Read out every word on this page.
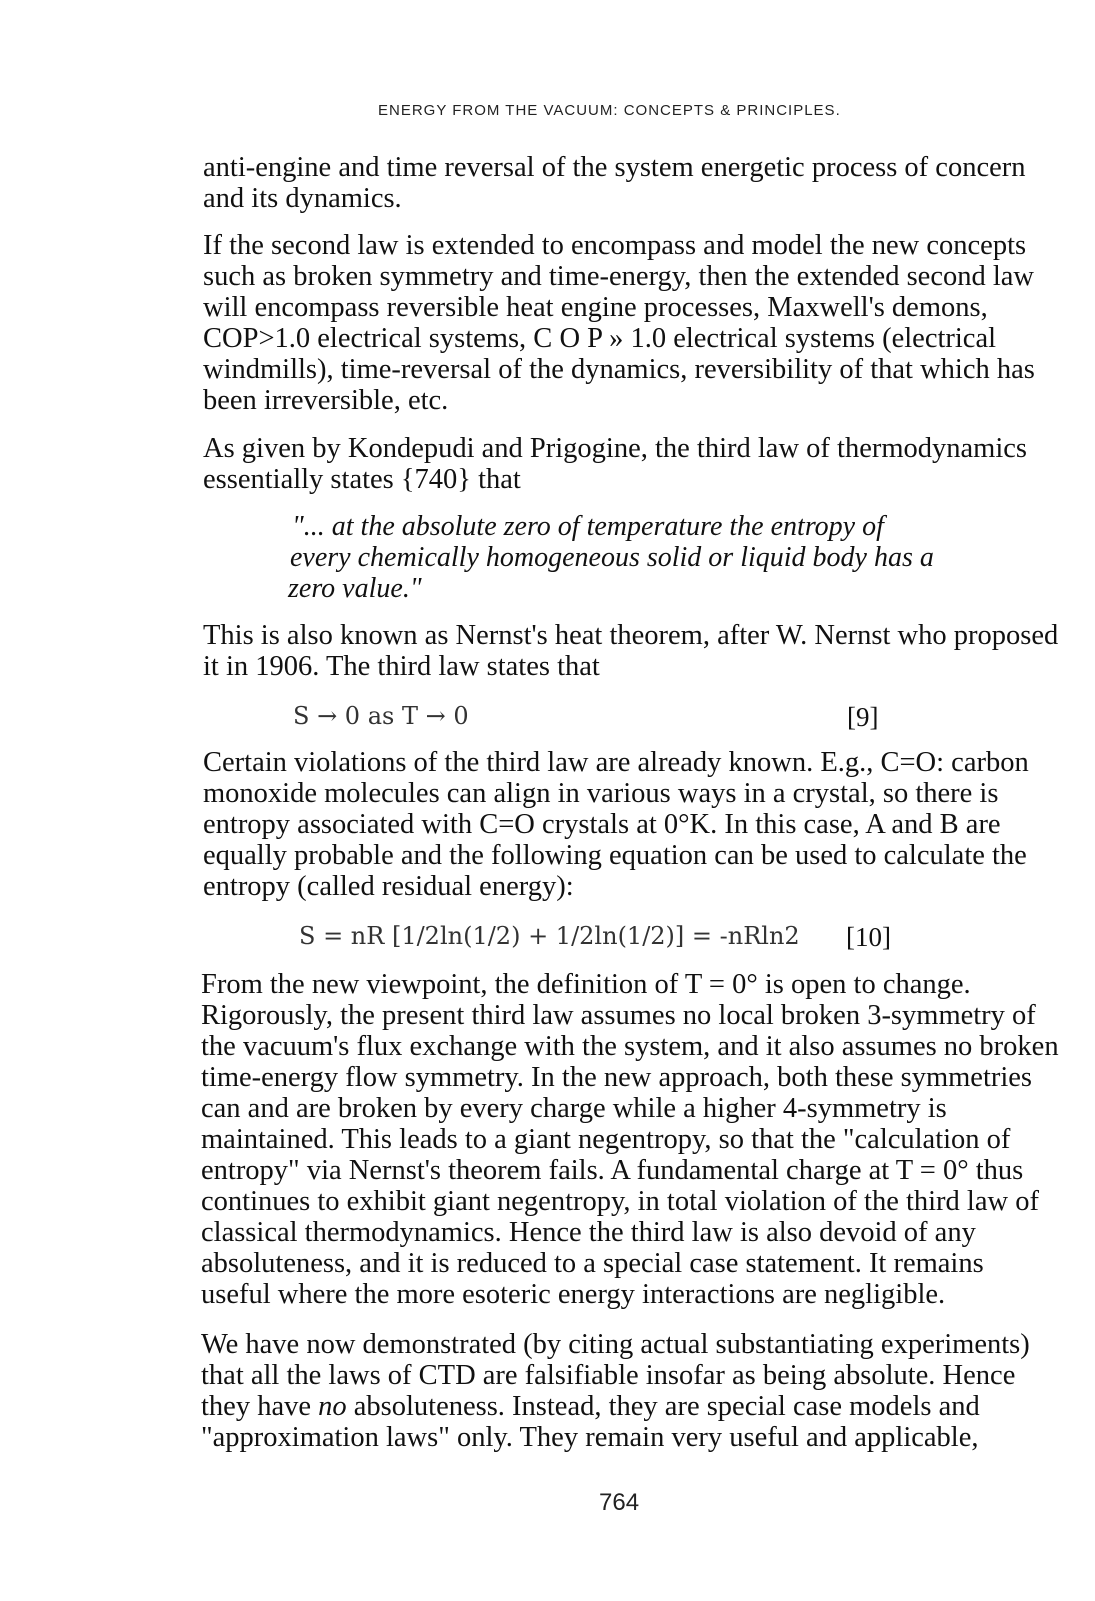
ENERGY FROM THE VACUUM: CONCEPTS & PRINCIPLES.
anti-engine and time reversal of the system energetic process of concern
and its dynamics.
If the second law is extended to encompass and model the new concepts
such as broken symmetry and time-energy, then the extended second law
will encompass reversible heat engine processes, Maxwell's demons,
COP>1.0 electrical systems, C O P » 1.0 electrical systems (electrical
windmills), time-reversal of the dynamics, reversibility of that which has
been irreversible, etc.
As given by Kondepudi and Prigogine, the third law of thermodynamics
essentially states {740} that
"... at the absolute zero of temperature the entropy of
every chemically homogeneous solid or liquid body has a
zero value."
This is also known as Nernst's heat theorem, after W. Nernst who proposed
it in 1906. The third law states that
S → 0 as T → 0	[9]
Certain violations of the third law are already known. E.g., C=O: carbon
monoxide molecules can align in various ways in a crystal, so there is
entropy associated with C=O crystals at 0°K. In this case, A and B are
equally probable and the following equation can be used to calculate the
entropy (called residual energy):
S = nR [1/2ln(1/2) + 1/2ln(1/2)] = -nRln2 [10]
From the new viewpoint, the definition of T = 0° is open to change.
Rigorously, the present third law assumes no local broken 3-symmetry of
the vacuum's flux exchange with the system, and it also assumes no broken
time-energy flow symmetry. In the new approach, both these symmetries
can and are broken by every charge while a higher 4-symmetry is
maintained. This leads to a giant negentropy, so that the "calculation of
entropy" via Nernst's theorem fails. A fundamental charge at T = 0° thus
continues to exhibit giant negentropy, in total violation of the third law of
classical thermodynamics. Hence the third law is also devoid of any
absoluteness, and it is reduced to a special case statement. It remains
useful where the more esoteric energy interactions are negligible.
We have now demonstrated (by citing actual substantiating experiments)
that all the laws of CTD are falsifiable insofar as being absolute. Hence
they have no absoluteness. Instead, they are special case models and
"approximation laws" only. They remain very useful and applicable,
764
